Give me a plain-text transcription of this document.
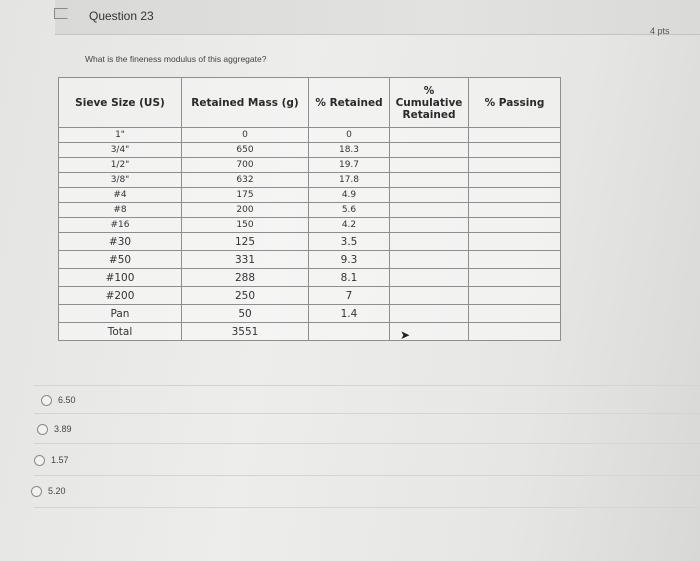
Question 23
4 pts
What is the fineness modulus of this aggregate?
Sieve Size (US)	Retained Mass (g)	% Retained	% Cumulative Retained	% Passing
1"	0	0		
3/4"	650	18.3		
1/2"	700	19.7		
3/8"	632	17.8		
#4	175	4.9		
#8	200	5.6		
#16	150	4.2		
#30	125	3.5		
#50	331	9.3		
#100	288	8.1		
#200	250	7		
Pan	50	1.4		
Total	3551				➤
6.50
3.89
1.57
5.20
